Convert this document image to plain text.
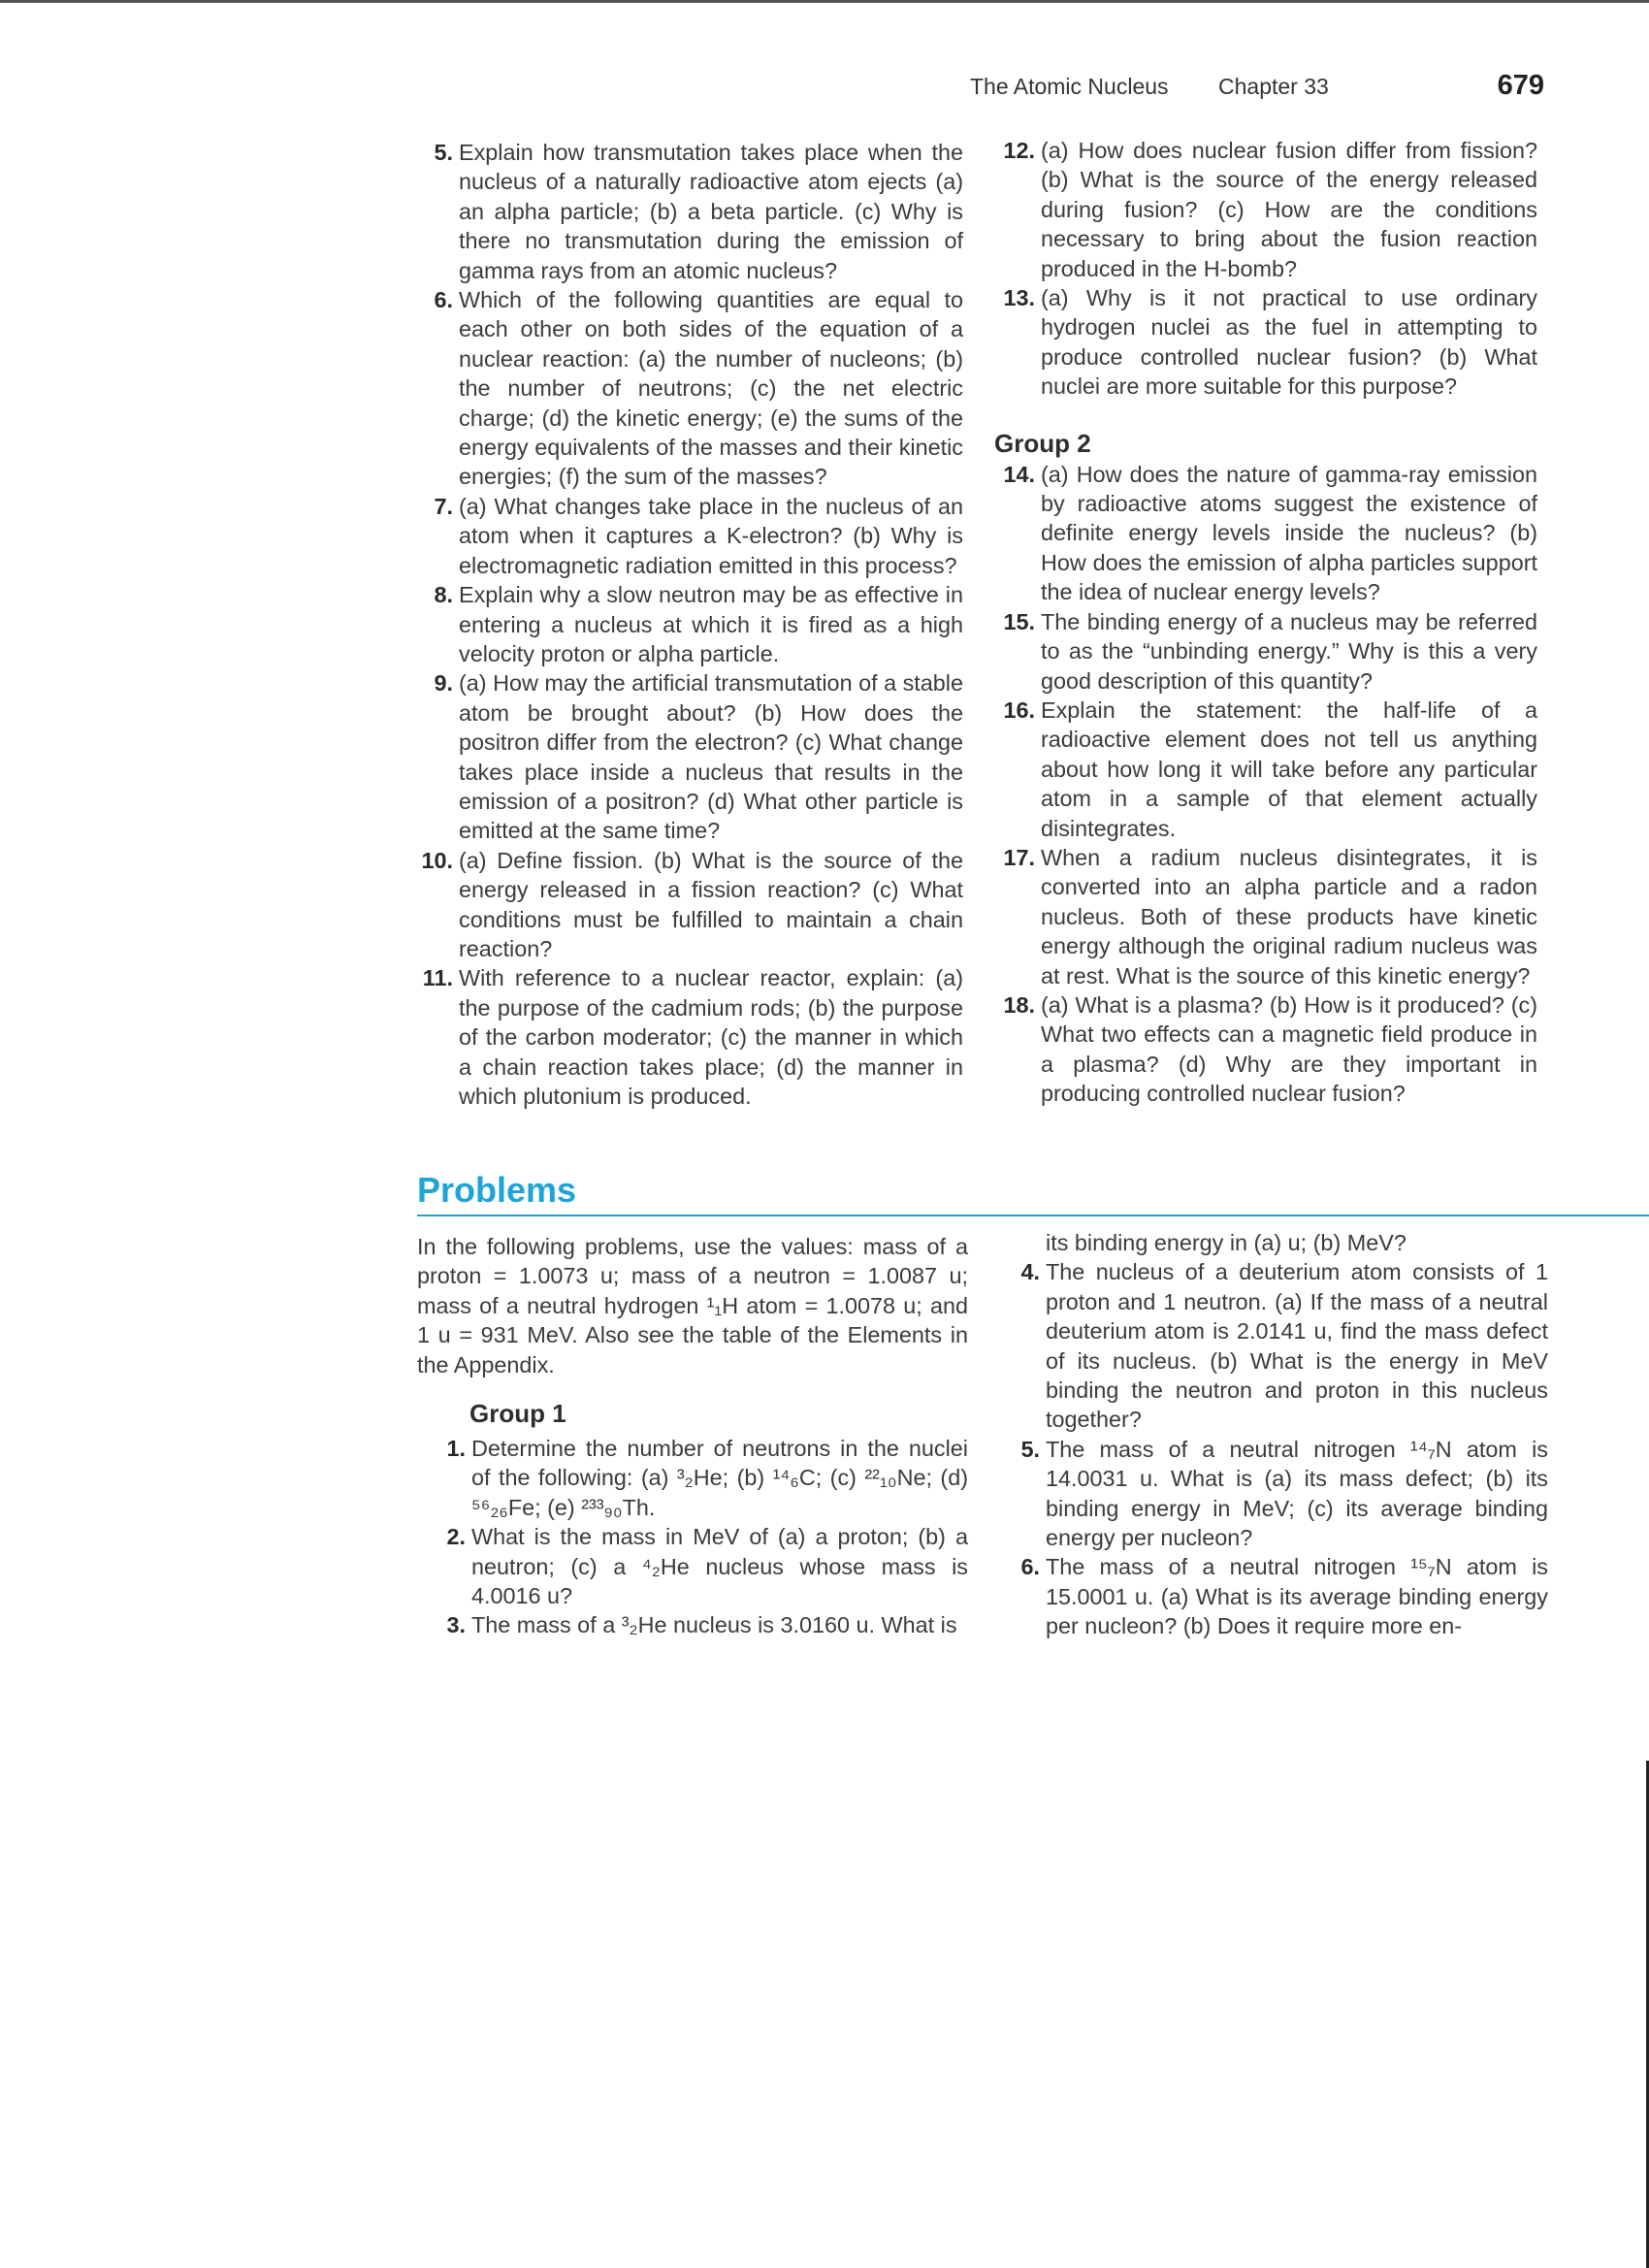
The Atomic Nucleus Chapter 33	679
5. Explain how transmutation takes place when the nucleus of a naturally radioactive atom ejects (a) an alpha particle; (b) a beta particle. (c) Why is there no transmutation during the emission of gamma rays from an atomic nucleus?
6. Which of the following quantities are equal to each other on both sides of the equation of a nuclear reaction: (a) the number of nucleons; (b) the number of neutrons; (c) the net electric charge; (d) the kinetic energy; (e) the sums of the energy equivalents of the masses and their kinetic energies; (f) the sum of the masses?
7. (a) What changes take place in the nucleus of an atom when it captures a K-electron? (b) Why is electromagnetic radiation emitted in this process?
8. Explain why a slow neutron may be as effective in entering a nucleus at which it is fired as a high velocity proton or alpha particle.
9. (a) How may the artificial transmutation of a stable atom be brought about? (b) How does the positron differ from the electron? (c) What change takes place inside a nucleus that results in the emission of a positron? (d) What other particle is emitted at the same time?
10. (a) Define fission. (b) What is the source of the energy released in a fission reaction? (c) What conditions must be fulfilled to maintain a chain reaction?
11. With reference to a nuclear reactor, explain: (a) the purpose of the cadmium rods; (b) the purpose of the carbon moderator; (c) the manner in which a chain reaction takes place; (d) the manner in which plutonium is produced.
12. (a) How does nuclear fusion differ from fission? (b) What is the source of the energy released during fusion? (c) How are the conditions necessary to bring about the fusion reaction produced in the H-bomb?
13. (a) Why is it not practical to use ordinary hydrogen nuclei as the fuel in attempting to produce controlled nuclear fusion? (b) What nuclei are more suitable for this purpose?
Group 2
14. (a) How does the nature of gamma-ray emission by radioactive atoms suggest the existence of definite energy levels inside the nucleus? (b) How does the emission of alpha particles support the idea of nuclear energy levels?
15. The binding energy of a nucleus may be referred to as the “unbinding energy.” Why is this a very good description of this quantity?
16. Explain the statement: the half-life of a radioactive element does not tell us anything about how long it will take before any particular atom in a sample of that element actually disintegrates.
17. When a radium nucleus disintegrates, it is converted into an alpha particle and a radon nucleus. Both of these products have kinetic energy although the original radium nucleus was at rest. What is the source of this kinetic energy?
18. (a) What is a plasma? (b) How is it produced? (c) What two effects can a magnetic field produce in a plasma? (d) Why are they important in producing controlled nuclear fusion?
Problems
In the following problems, use the values: mass of a proton = 1.0073 u; mass of a neutron = 1.0087 u; mass of a neutral hydrogen ¹₁H atom = 1.0078 u; and 1 u = 931 MeV. Also see the table of the Elements in the Appendix.
Group 1
1. Determine the number of neutrons in the nuclei of the following: (a) ³₂He; (b) ¹⁴₆C; (c) ²²₁₀Ne; (d) ⁵⁶₂₆Fe; (e) ²³³₉₀Th.
2. What is the mass in MeV of (a) a proton; (b) a neutron; (c) a ⁴₂He nucleus whose mass is 4.0016 u?
3. The mass of a ³₂He nucleus is 3.0160 u. What is
its binding energy in (a) u; (b) MeV?
4. The nucleus of a deuterium atom consists of 1 proton and 1 neutron. (a) If the mass of a neutral deuterium atom is 2.0141 u, find the mass defect of its nucleus. (b) What is the energy in MeV binding the neutron and proton in this nucleus together?
5. The mass of a neutral nitrogen ¹⁴₇N atom is 14.0031 u. What is (a) its mass defect; (b) its binding energy in MeV; (c) its average binding energy per nucleon?
6. The mass of a neutral nitrogen ¹⁵₇N atom is 15.0001 u. (a) What is its average binding energy per nucleon? (b) Does it require more en-
